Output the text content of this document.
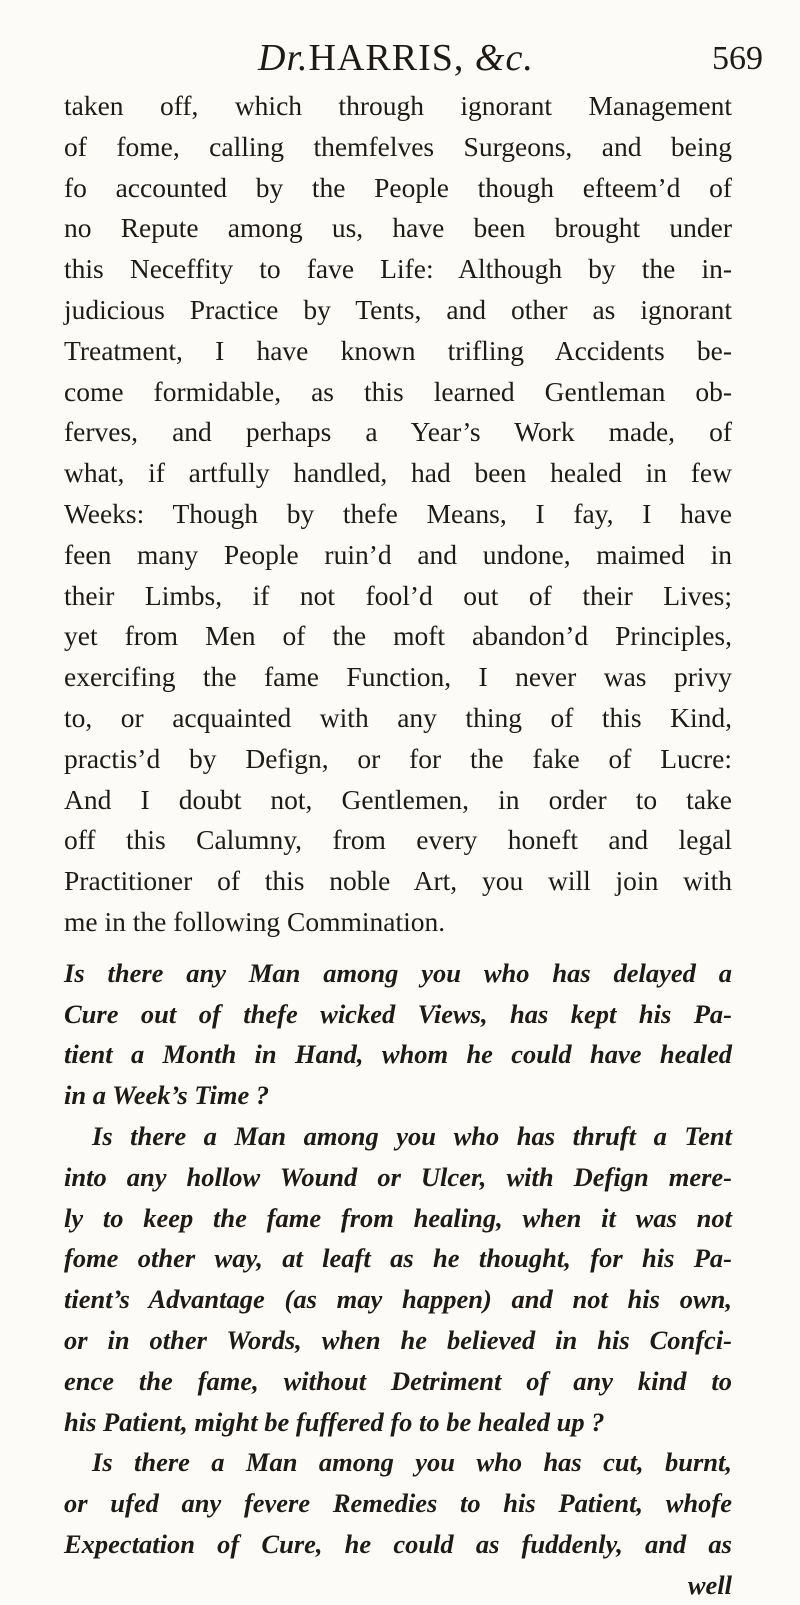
Dr.HARRIS, &c.	569
taken off, which through ignorant Management
of fome, calling themfelves Surgeons, and being
fo accounted by the People though efteem’d of
no Repute among us, have been brought under
this Neceffity to fave Life: Although by the in-
judicious Practice by Tents, and other as ignorant
Treatment, I have known trifling Accidents be-
come formidable, as this learned Gentleman ob-
ferves, and perhaps a Year’s Work made, of
what, if artfully handled, had been healed in few
Weeks: Though by thefe Means, I fay, I have
feen many People ruin’d and undone, maimed in
their Limbs, if not fool’d out of their Lives;
yet from Men of the moft abandon’d Principles,
exercifing the fame Function, I never was privy
to, or acquainted with any thing of this Kind,
practis’d by Defign, or for the fake of Lucre:
And I doubt not, Gentlemen, in order to take
off this Calumny, from every honeft and legal
Practitioner of this noble Art, you will join with
me in the following Commination.
Is there any Man among you who has delayed a
Cure out of thefe wicked Views, has kept his Pa-
tient a Month in Hand, whom he could have healed
in a Week’s Time ?
Is there a Man among you who has thruft a Tent
into any hollow Wound or Ulcer, with Defign mere-
ly to keep the fame from healing, when it was not
fome other way, at leaft as he thought, for his Pa-
tient’s Advantage (as may happen) and not his own,
or in other Words, when he believed in his Confci-
ence the fame, without Detriment of any kind to
his Patient, might be fuffered fo to be healed up ?
Is there a Man among you who has cut, burnt,
or ufed any fevere Remedies to his Patient, whofe
Expectation of Cure, he could as fuddenly, and as
well
